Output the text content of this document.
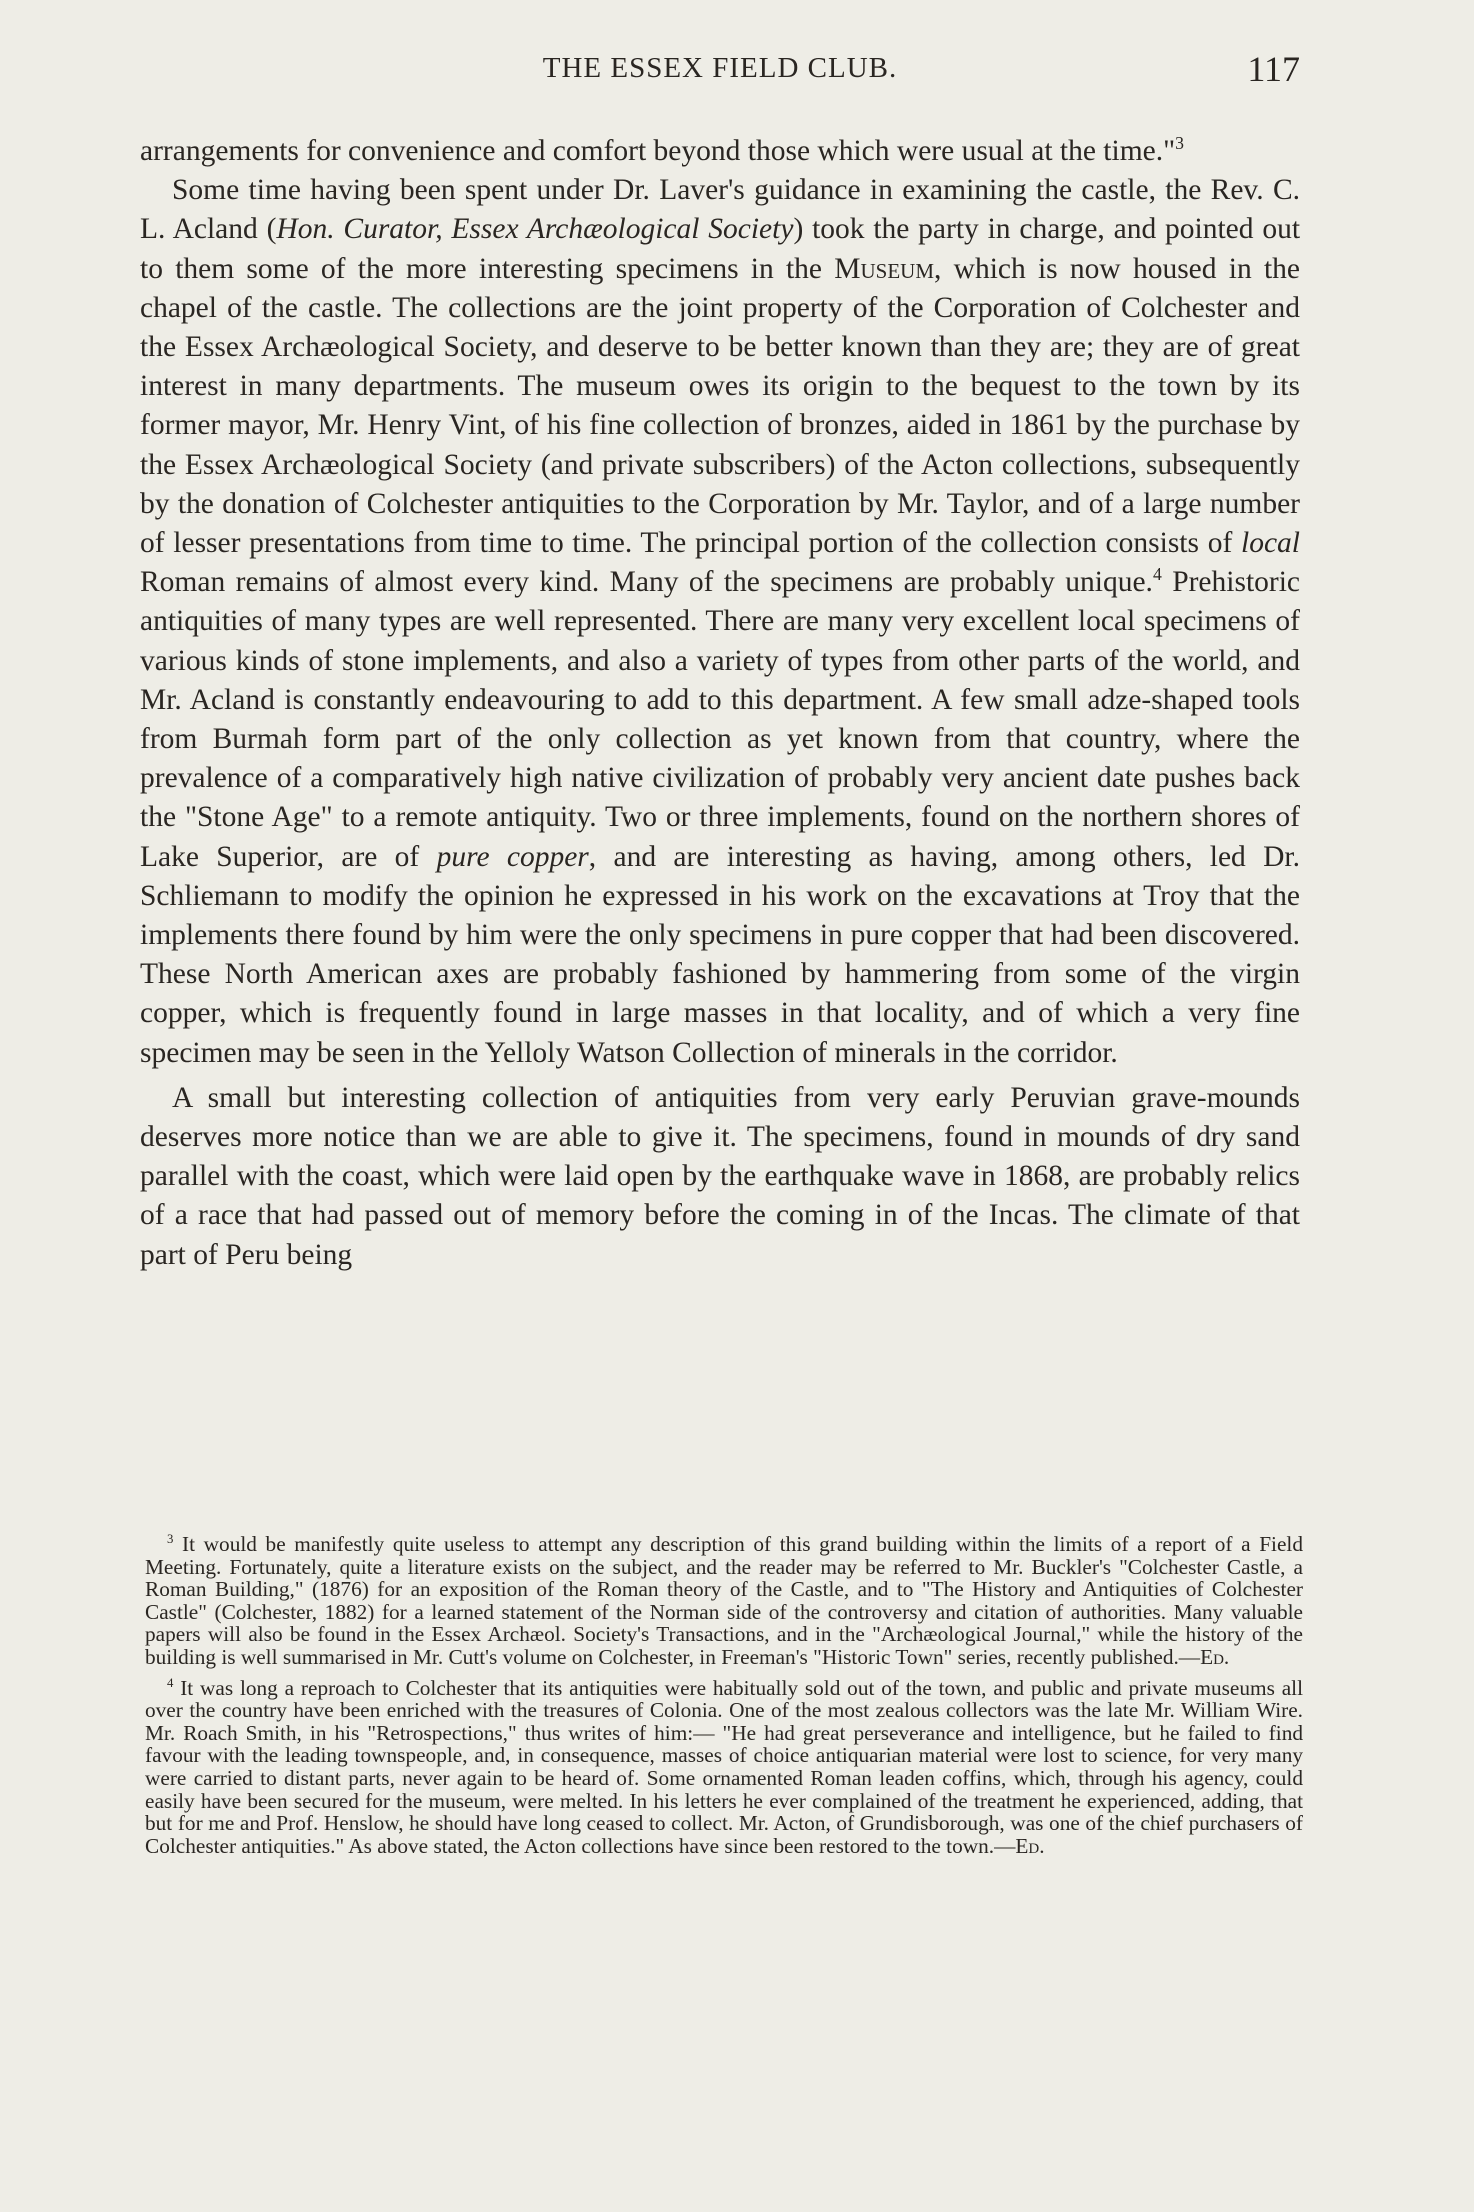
THE ESSEX FIELD CLUB.	117

arrangements for convenience and comfort beyond those which were usual at the time."$^3$

Some time having been spent under Dr. Laver's guidance in examining the castle, the Rev. C. L. Acland (Hon. Curator, Essex Archæological Society) took the party in charge, and pointed out to them some of the more interesting specimens in the Museum, which is now housed in the chapel of the castle. The collections are the joint property of the Corporation of Colchester and the Essex Archæological Society, and deserve to be better known than they are; they are of great interest in many departments. The museum owes its origin to the bequest to the town by its former mayor, Mr. Henry Vint, of his fine collection of bronzes, aided in 1861 by the purchase by the Essex Archæological Society (and private subscribers) of the Acton collections, subsequently by the donation of Colchester antiquities to the Corporation by Mr. Taylor, and of a large number of lesser presentations from time to time. The principal portion of the collection consists of local Roman remains of almost every kind. Many of the specimens are probably unique.$^4$ Prehistoric antiquities of many types are well represented. There are many very excellent local specimens of various kinds of stone implements, and also a variety of types from other parts of the world, and Mr. Acland is constantly endeavouring to add to this department. A few small adze-shaped tools from Burmah form part of the only collection as yet known from that country, where the prevalence of a comparatively high native civilization of probably very ancient date pushes back the "Stone Age" to a remote antiquity. Two or three implements, found on the northern shores of Lake Superior, are of pure copper, and are interesting as having, among others, led Dr. Schliemann to modify the opinion he expressed in his work on the excavations at Troy that the implements there found by him were the only specimens in pure copper that had been discovered. These North American axes are probably fashioned by hammering from some of the virgin copper, which is frequently found in large masses in that locality, and of which a very fine specimen may be seen in the Yelloly Watson Collection of minerals in the corridor.

A small but interesting collection of antiquities from very early Peruvian grave-mounds deserves more notice than we are able to give it. The specimens, found in mounds of dry sand parallel with the coast, which were laid open by the earthquake wave in 1868, are probably relics of a race that had passed out of memory before the coming in of the Incas. The climate of that part of Peru being

$^3$ It would be manifestly quite useless to attempt any description of this grand building within the limits of a report of a Field Meeting. Fortunately, quite a literature exists on the subject, and the reader may be referred to Mr. Buckler's "Colchester Castle, a Roman Building," (1876) for an exposition of the Roman theory of the Castle, and to "The History and Antiquities of Colchester Castle" (Colchester, 1882) for a learned statement of the Norman side of the controversy and citation of authorities. Many valuable papers will also be found in the Essex Archæol. Society's Transactions, and in the "Archæological Journal," while the history of the building is well summarised in Mr. Cutt's volume on Colchester, in Freeman's "Historic Town" series, recently published.—Ed.

$^4$ It was long a reproach to Colchester that its antiquities were habitually sold out of the town, and public and private museums all over the country have been enriched with the treasures of Colonia. One of the most zealous collectors was the late Mr. William Wire. Mr. Roach Smith, in his "Retrospections," thus writes of him:— "He had great perseverance and intelligence, but he failed to find favour with the leading townspeople, and, in consequence, masses of choice antiquarian material were lost to science, for very many were carried to distant parts, never again to be heard of. Some ornamented Roman leaden coffins, which, through his agency, could easily have been secured for the museum, were melted. In his letters he ever complained of the treatment he experienced, adding, that but for me and Prof. Henslow, he should have long ceased to collect. Mr. Acton, of Grundisborough, was one of the chief purchasers of Colchester antiquities." As above stated, the Acton collections have since been restored to the town.—Ed.
